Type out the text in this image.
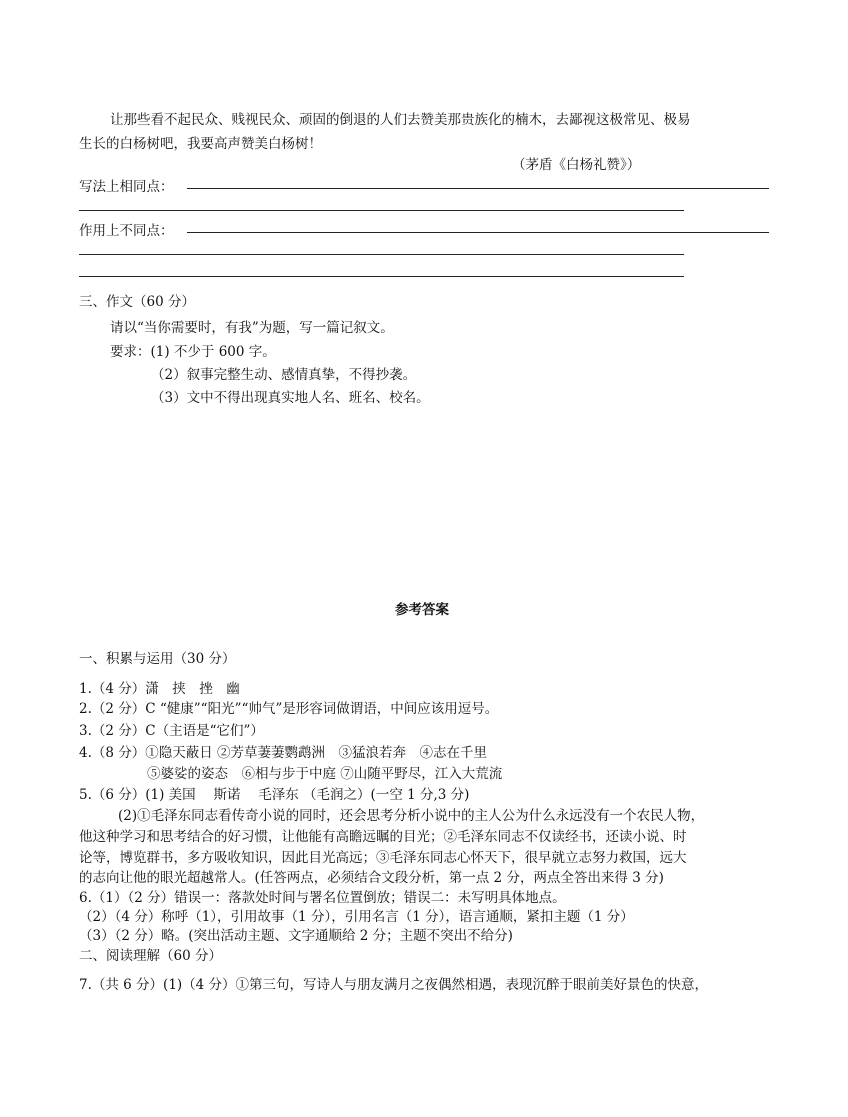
让那些看不起民众、贱视民众、顽固的倒退的人们去赞美那贵族化的楠木，去鄙视这极常见、极易
生长的白杨树吧，我要高声赞美白杨树！
（茅盾《白杨礼赞》）
写法上相同点：
作用上不同点：
三、作文（60 分）
请以“当你需要时，有我”为题，写一篇记叙文。
要求：(1) 不少于 600 字。
（2）叙事完整生动、感情真挚，不得抄袭。
（3）文中不得出现真实地人名、班名、校名。
参考答案
一、积累与运用（30 分）
1.（4 分）潇　挟　挫　幽
2.（2 分）C “健康”“阳光”“帅气”是形容词做谓语，中间应该用逗号。
3.（2 分）C（主语是“它们”）
4.（8 分）①隐天蔽日 ②芳草萋萋鹦鹉洲　③猛浪若奔　④志在千里
⑤婆娑的姿态　⑥相与步于中庭 ⑦山随平野尽，江入大荒流
5.（6 分）(1) 美国　 斯诺　 毛泽东 （毛润之）(一空 1 分,3 分)
(2)①毛泽东同志看传奇小说的同时，还会思考分析小说中的主人公为什么永远没有一个农民人物，
他这种学习和思考结合的好习惯，让他能有高瞻远瞩的目光；②毛泽东同志不仅读经书，还读小说、时
论等，博览群书，多方吸收知识，因此目光高远；③毛泽东同志心怀天下，很早就立志努力救国，远大
的志向让他的眼光超越常人。(任答两点，必须结合文段分析，第一点 2 分，两点全答出来得 3 分)
6.（1）（2 分）错误一：落款处时间与署名位置倒放；错误二：未写明具体地点。
（2）（4 分）称呼（1），引用故事（1 分），引用名言（1 分），语言通顺，紧扣主题（1 分）
（3）（2 分）略。(突出活动主题、文字通顺给 2 分；主题不突出不给分)
二、阅读理解（60 分）
7.（共 6 分）(1)（4 分）①第三句，写诗人与朋友满月之夜偶然相遇，表现沉醉于眼前美好景色的快意，
